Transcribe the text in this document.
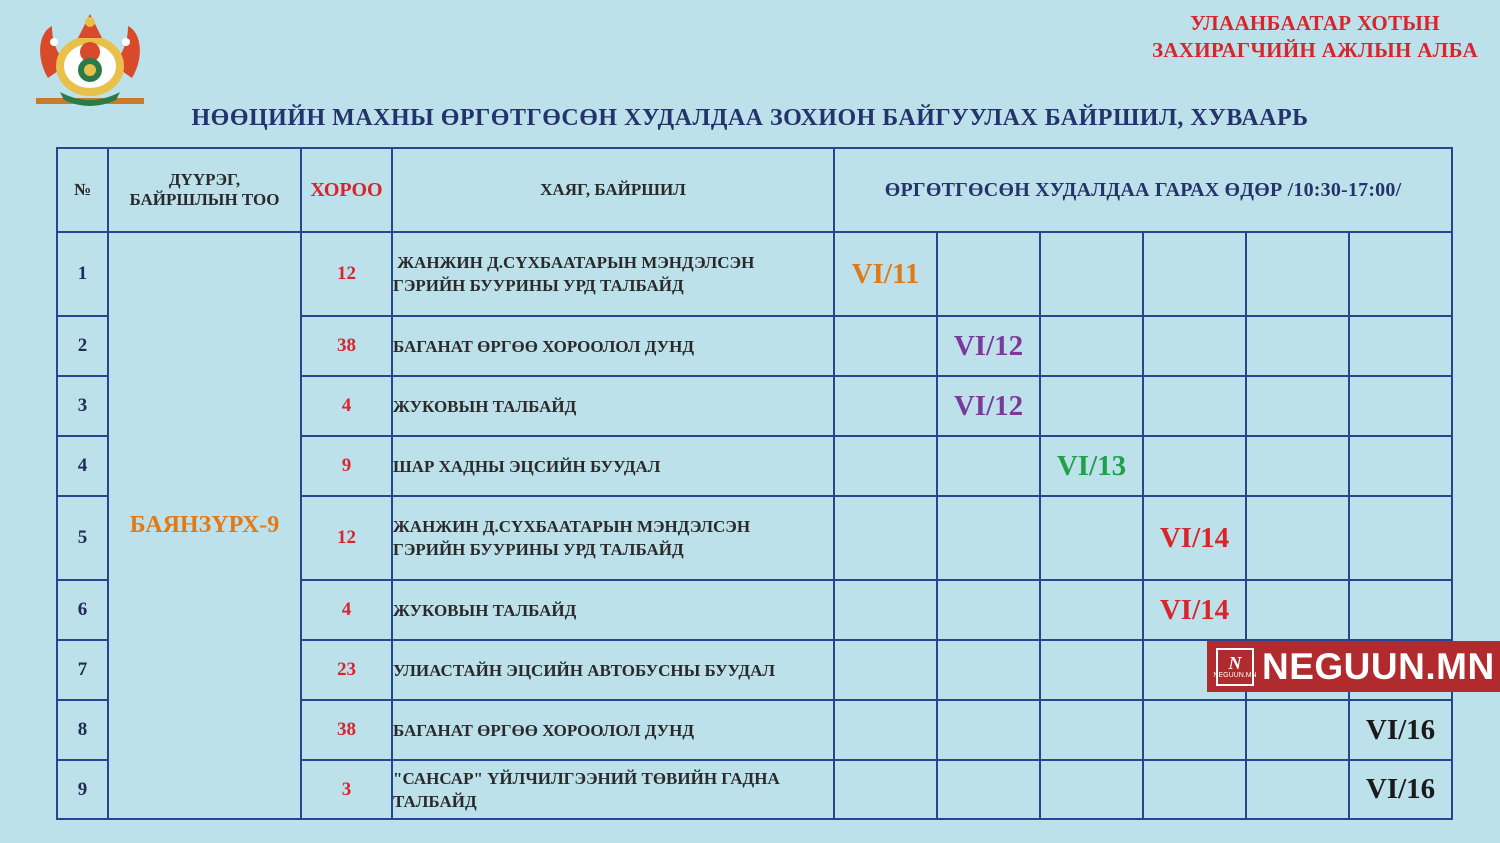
УЛААНБААТАР ХОТЫН
ЗАХИРАГЧИЙН АЖЛЫН АЛБА
НӨӨЦИЙН МАХНЫ ӨРГӨТГӨСӨН ХУДАЛДАА ЗОХИОН БАЙГУУЛАХ БАЙРШИЛ, ХУВААРЬ
№	ДҮҮРЭГ,
БАЙРШЛЫН ТОО	ХОРОО	ХАЯГ, БАЙРШИЛ	ӨРГӨТГӨСӨН ХУДАЛДАА ГАРАХ ӨДӨР /10:30-17:00/					
1	БАЯНЗҮРХ-9	12	ЖАНЖИН Д.СҮХБААТАРЫН МЭНДЭЛСЭН
ГЭРИЙН БУУРИНЫ УРД ТАЛБАЙД	VI/11					
2		38	БАГАНАТ ӨРГӨӨ ХОРООЛОЛ ДУНД		VI/12				
3		4	ЖУКОВЫН ТАЛБАЙД		VI/12				
4		9	ШАР ХАДНЫ ЭЦСИЙН БУУДАЛ			VI/13			
5		12	ЖАНЖИН Д.СҮХБААТАРЫН МЭНДЭЛСЭН
ГЭРИЙН БУУРИНЫ УРД ТАЛБАЙД				VI/14		
6		4	ЖУКОВЫН ТАЛБАЙД				VI/14		
7		23	УЛИАСТАЙН ЭЦСИЙН АВТОБУСНЫ БУУДАЛ						

8		38	БАГАНАТ ӨРГӨӨ ХОРООЛОЛ ДУНД						VI/16
9		3	"САНСАР" ҮЙЛЧИЛГЭЭНИЙ ТӨВИЙН ГАДНА
ТАЛБАЙД						VI/16
N
NEGUUN.MN NEGUUN.MN
